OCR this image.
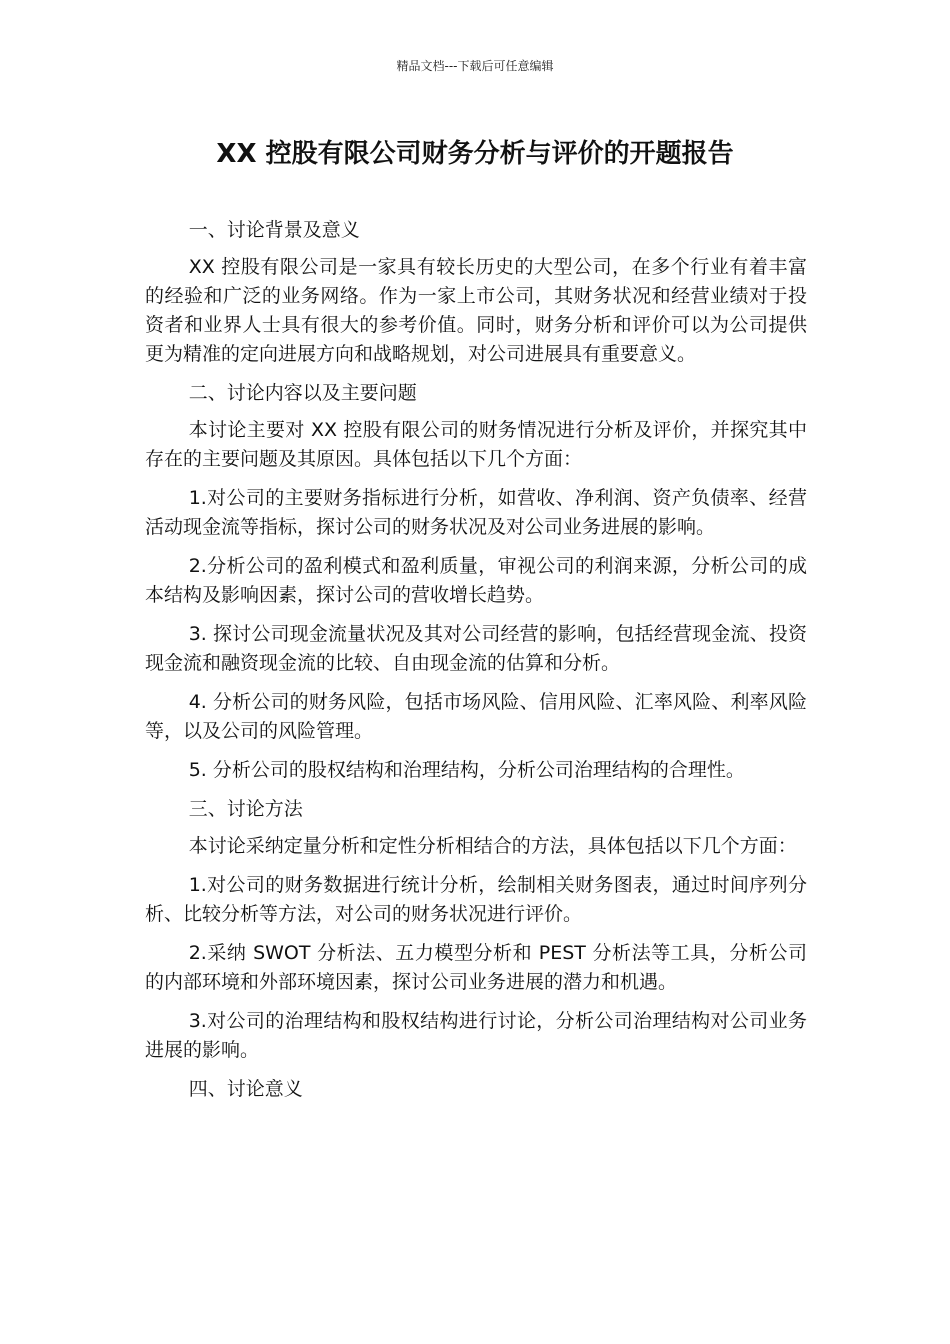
精品文档---下载后可任意编辑
XX 控股有限公司财务分析与评价的开题报告

一、讨论背景及意义

XX 控股有限公司是一家具有较长历史的大型公司，在多个行业有着丰富的经验和广泛的业务网络。作为一家上市公司，其财务状况和经营业绩对于投资者和业界人士具有很大的参考价值。同时，财务分析和评价可以为公司提供更为精准的定向进展方向和战略规划，对公司进展具有重要意义。

二、讨论内容以及主要问题

本讨论主要对 XX 控股有限公司的财务情况进行分析及评价，并探究其中存在的主要问题及其原因。具体包括以下几个方面：

1.对公司的主要财务指标进行分析，如营收、净利润、资产负债率、经营活动现金流等指标，探讨公司的财务状况及对公司业务进展的影响。

2.分析公司的盈利模式和盈利质量，审视公司的利润来源，分析公司的成本结构及影响因素，探讨公司的营收增长趋势。

3. 探讨公司现金流量状况及其对公司经营的影响，包括经营现金流、投资现金流和融资现金流的比较、自由现金流的估算和分析。

4. 分析公司的财务风险，包括市场风险、信用风险、汇率风险、利率风险等，以及公司的风险管理。

5. 分析公司的股权结构和治理结构，分析公司治理结构的合理性。

三、讨论方法

本讨论采纳定量分析和定性分析相结合的方法，具体包括以下几个方面：

1.对公司的财务数据进行统计分析，绘制相关财务图表，通过时间序列分析、比较分析等方法，对公司的财务状况进行评价。

2.采纳 SWOT 分析法、五力模型分析和 PEST 分析法等工具，分析公司的内部环境和外部环境因素，探讨公司业务进展的潜力和机遇。

3.对公司的治理结构和股权结构进行讨论，分析公司治理结构对公司业务进展的影响。

四、讨论意义
